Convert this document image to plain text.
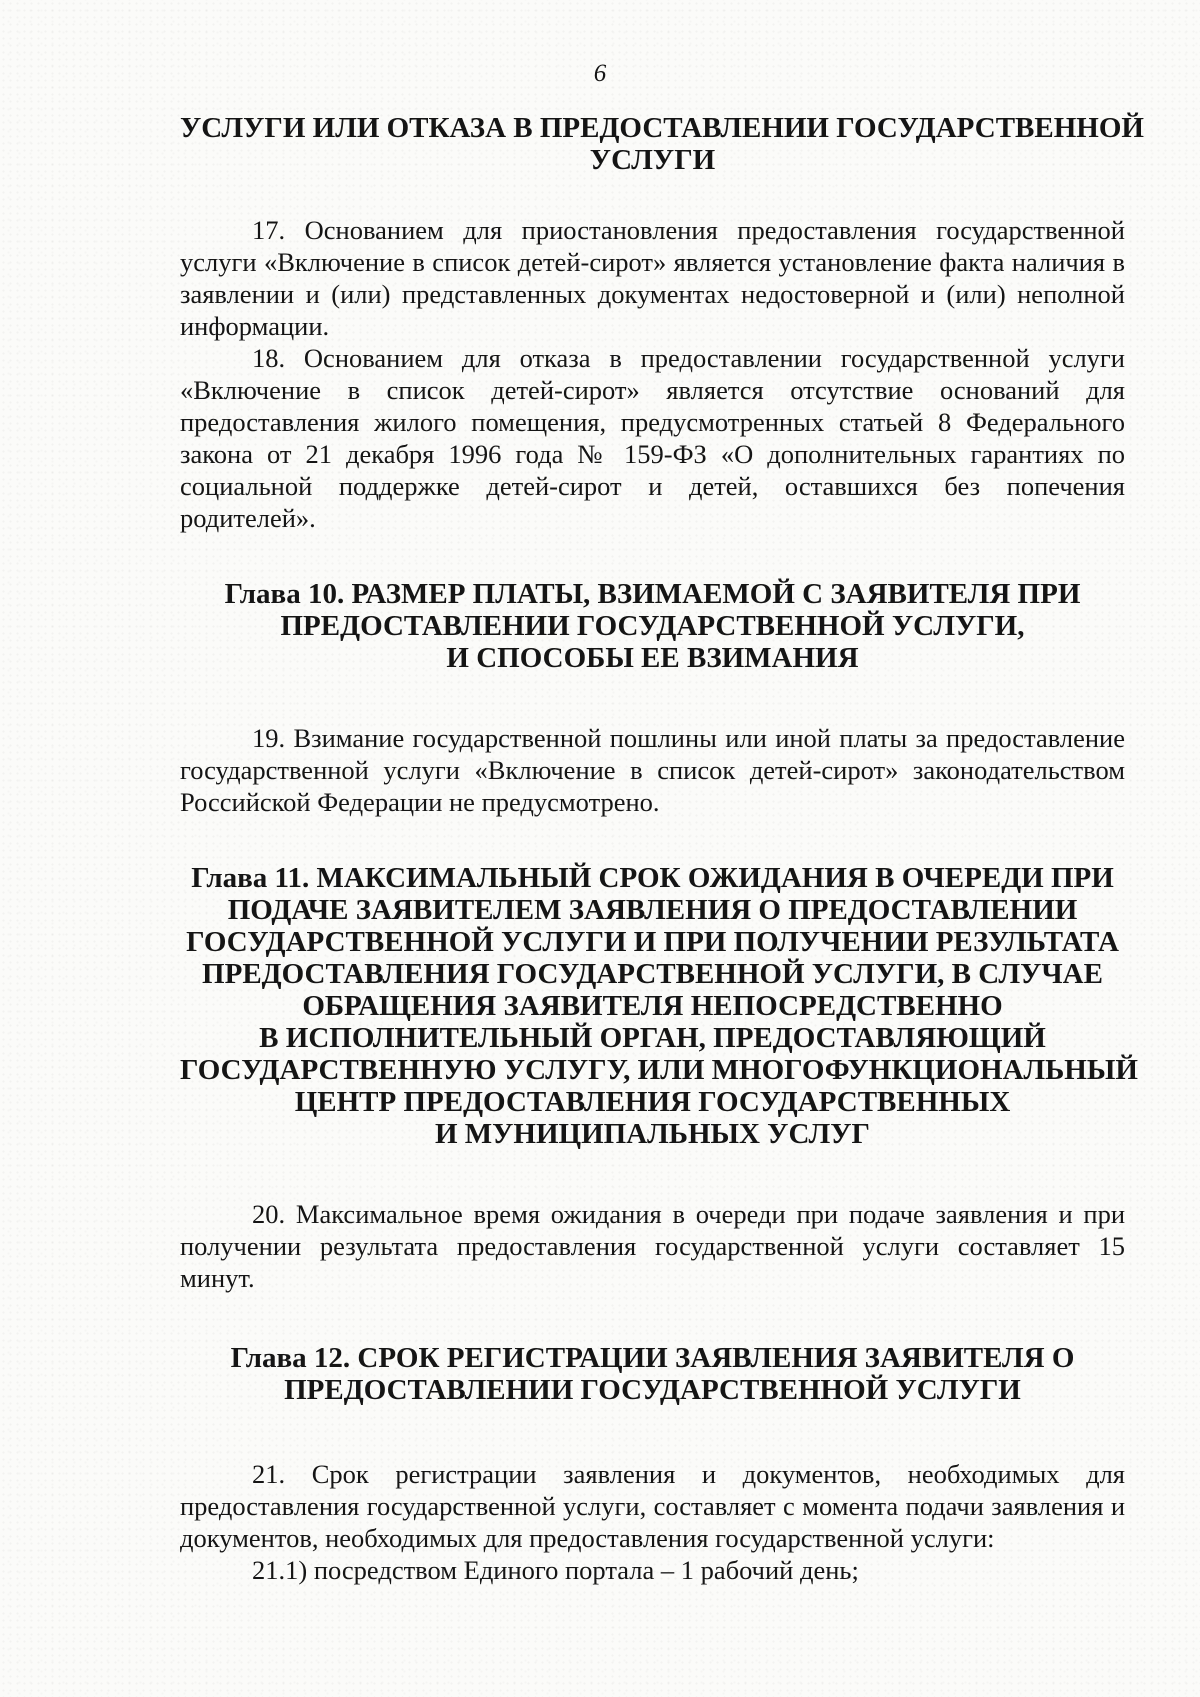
6
УСЛУГИ ИЛИ ОТКАЗА В ПРЕДОСТАВЛЕНИИ ГОСУДАРСТВЕННОЙ
УСЛУГИ

17. Основанием для приостановления предоставления государственной услуги «Включение в список детей-сирот» является установление факта наличия в заявлении и (или) представленных документах недостоверной и (или) неполной информации.

18. Основанием для отказа в предоставлении государственной услуги «Включение в список детей-сирот» является отсутствие оснований для предоставления жилого помещения, предусмотренных статьей 8 Федерального закона от 21 декабря 1996 года № 159-ФЗ «О дополнительных гарантиях по социальной поддержке детей-сирот и детей, оставшихся без попечения родителей».

Глава 10. РАЗМЕР ПЛАТЫ, ВЗИМАЕМОЙ С ЗАЯВИТЕЛЯ ПРИ
ПРЕДОСТАВЛЕНИИ ГОСУДАРСТВЕННОЙ УСЛУГИ,
И СПОСОБЫ ЕЕ ВЗИМАНИЯ

19. Взимание государственной пошлины или иной платы за предоставление государственной услуги «Включение в список детей-сирот» законодательством Российской Федерации не предусмотрено.

Глава 11. МАКСИМАЛЬНЫЙ СРОК ОЖИДАНИЯ В ОЧЕРЕДИ ПРИ
ПОДАЧЕ ЗАЯВИТЕЛЕМ ЗАЯВЛЕНИЯ О ПРЕДОСТАВЛЕНИИ
ГОСУДАРСТВЕННОЙ УСЛУГИ И ПРИ ПОЛУЧЕНИИ РЕЗУЛЬТАТА
ПРЕДОСТАВЛЕНИЯ ГОСУДАРСТВЕННОЙ УСЛУГИ, В СЛУЧАЕ
ОБРАЩЕНИЯ ЗАЯВИТЕЛЯ НЕПОСРЕДСТВЕННО
В ИСПОЛНИТЕЛЬНЫЙ ОРГАН, ПРЕДОСТАВЛЯЮЩИЙ
ГОСУДАРСТВЕННУЮ УСЛУГУ, ИЛИ МНОГОФУНКЦИОНАЛЬНЫЙ
ЦЕНТР ПРЕДОСТАВЛЕНИЯ ГОСУДАРСТВЕННЫХ
И МУНИЦИПАЛЬНЫХ УСЛУГ

20. Максимальное время ожидания в очереди при подаче заявления и при получении результата предоставления государственной услуги составляет 15 минут.

Глава 12. СРОК РЕГИСТРАЦИИ ЗАЯВЛЕНИЯ ЗАЯВИТЕЛЯ О
ПРЕДОСТАВЛЕНИИ ГОСУДАРСТВЕННОЙ УСЛУГИ

21. Срок регистрации заявления и документов, необходимых для предоставления государственной услуги, составляет с момента подачи заявления и документов, необходимых для предоставления государственной услуги:

21.1) посредством Единого портала – 1 рабочий день;
